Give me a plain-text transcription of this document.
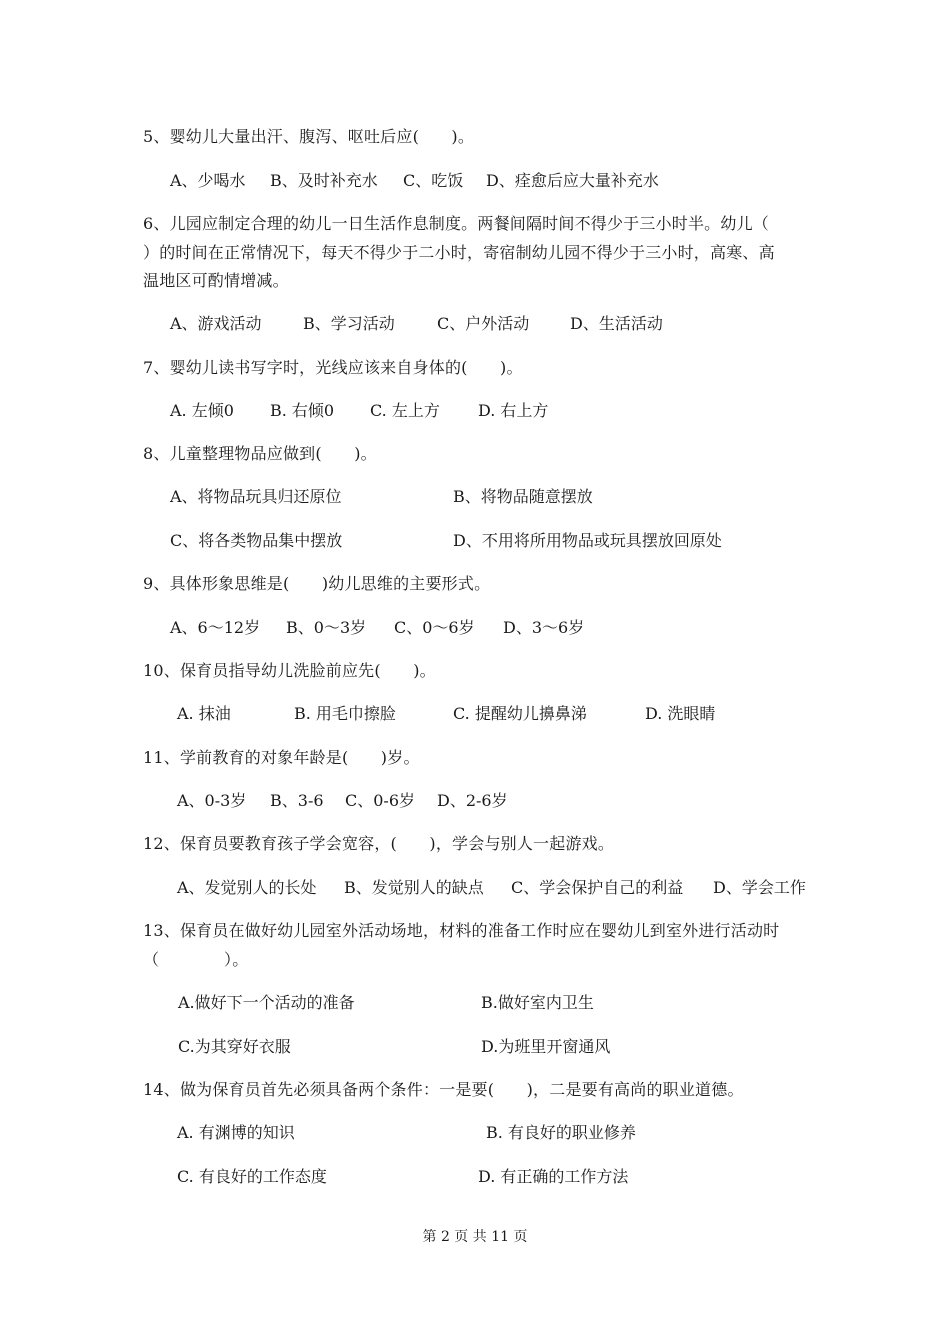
5、婴幼儿大量出汗、腹泻、呕吐后应(　　)。
A、少喝水 B、及时补充水 C、吃饭 D、痊愈后应大量补充水
6、儿园应制定合理的幼儿一日生活作息制度。两餐间隔时间不得少于三小时半。幼儿（
）的时间在正常情况下，每天不得少于二小时，寄宿制幼儿园不得少于三小时，高寒、高
温地区可酌情增减。
A、游戏活动	B、学习活动	C、户外活动	D、生活活动
7、婴幼儿读书写字时，光线应该来自身体的(　　)。
A. 左倾0 B. 右倾0 C. 左上方 D. 右上方
8、儿童整理物品应做到(　　)。
A、将物品玩具归还原位	B、将物品随意摆放
C、将各类物品集中摆放	D、不用将所用物品或玩具摆放回原处
9、具体形象思维是(　　)幼儿思维的主要形式。
A、6～12岁 B、0～3岁 C、0～6岁 D、3～6岁
10、保育员指导幼儿洗脸前应先(　　)。
A. 抹油	B. 用毛巾擦脸	C. 提醒幼儿擤鼻涕	D. 洗眼睛
11、学前教育的对象年龄是(　　)岁。
A、0-3岁 B、3-6 C、0-6岁 D、2-6岁
12、保育员要教育孩子学会宽容，(　　)，学会与别人一起游戏。
A、发觉别人的长处 B、发觉别人的缺点 C、学会保护自己的利益 D、学会工作
13、保育员在做好幼儿园室外活动场地，材料的准备工作时应在婴幼儿到室外进行活动时
（　　　　）。
A.做好下一个活动的准备	B.做好室内卫生
C.为其穿好衣服	D.为班里开窗通风
14、做为保育员首先必须具备两个条件：一是要(　　)，二是要有高尚的职业道德。
A. 有渊博的知识	B. 有良好的职业修养
C. 有良好的工作态度	D. 有正确的工作方法
第 2 页 共 11 页
